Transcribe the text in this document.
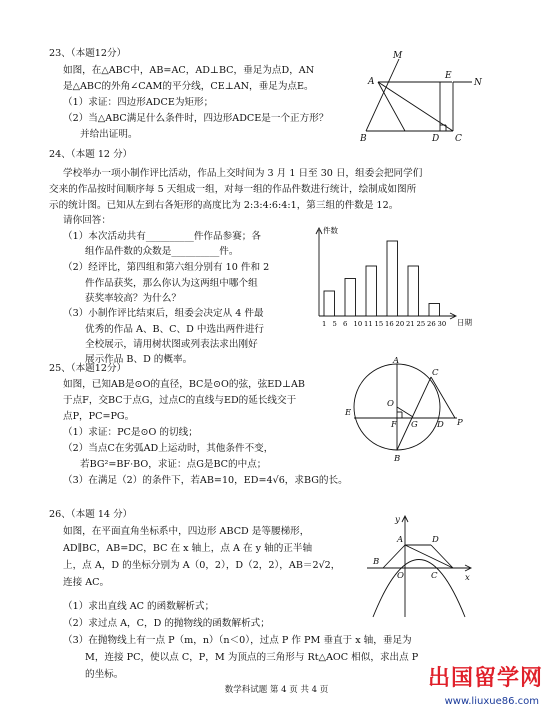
23、（本题12分）
如图，在△ABC中，AB=AC，AD⊥BC，垂足为点D，AN
是△ABC的外角∠CAM的平分线，CE⊥AN，垂足为点E。
（1）求证：四边形ADCE为矩形；
（2）当△ABC满足什么条件时，四边形ADCE是一个正方形？
并给出证明。
M
A
E
N
B	D C
24、（本题 12 分）
学校举办一项小制作评比活动，作品上交时间为 3 月 1 日至 30 日，组委会把同学们
交来的作品按时间顺序每 5 天组成一组，对每一组的作品件数进行统计，绘制成如图所
示的统计图。已知从左到右各矩形的高度比为 2:3:4:6:4:1，第三组的件数是 12。
请你回答：
（1）本次活动共有__________件作品参赛；各
组作品件数的众数是__________件。
（2）经评比，第四组和第六组分别有 10 件和 2
件作品获奖，那么你认为这两组中哪个组
获奖率较高？为什么？
（3）小制作评比结束后，组委会决定从 4 件最
优秀的作品 A、B、C、D 中选出两件进行
全校展示，请用树状图或列表法求出刚好
展示作品 B、D 的概率。
件数
日期
1 5 6 10 11 15 16 20 21 25 26 30
25、（本题12分）
如图，已知AB是⊙O的直径，BC是⊙O的弦，弦ED⊥AB
于点F，交BC于点G，过点C的直线与ED的延长线交于
点P，PC=PG。
（1）求证：PC是⊙O 的切线；
（2）当点C在劣弧AD上运动时，其他条件不变，
若BG²=BF·BO，求证：点G是BC的中点；
（3）在满足（2）的条件下，若AB=10，ED=4√6，求BG的长。
A
C
O
E
F G D P
B
26、（本题 14 分）
如图，在平面直角坐标系中，四边形 ABCD 是等腰梯形，
AD∥BC，AB=DC，BC 在 x 轴上，点 A 在 y 轴的正半轴
上，点 A，D 的坐标分别为 A（0，2），D（2，2），AB＝2√2，
连接 AC。
（1）求出直线 AC 的函数解析式；
（2）求过点 A，C，D 的抛物线的函数解析式；
（3）在抛物线上有一点 P（m，n）（n＜0），过点 P 作 PM 垂直于 x 轴，垂足为
M，连接 PC，使以点 C，P，M 为顶点的三角形与 Rt△AOC 相似，求出点 P
的坐标。
y
A	D
B
O	C	x
数学科试题 第 4 页 共 4 页	出国留学网
www.liuxue86.com
